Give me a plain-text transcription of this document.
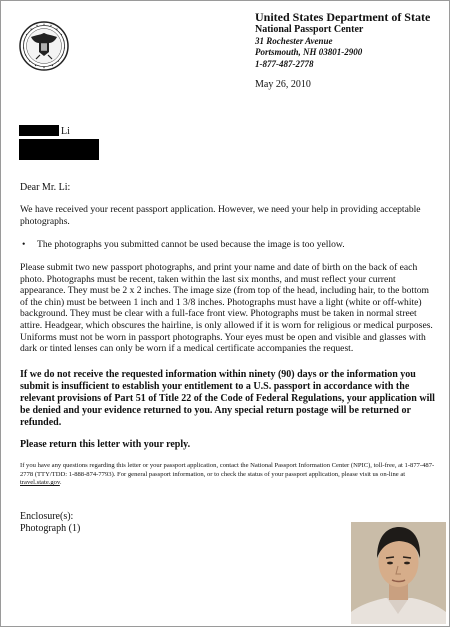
United States Department of State
National Passport Center
31 Rochester Avenue
Portsmouth, NH 03801-2900
1-877-487-2778
May 26, 2010
Li
Dear Mr. Li:
We have received your recent passport application. However, we need your help in providing acceptable photographs.
• The photographs you submitted cannot be used because the image is too yellow.
Please submit two new passport photographs, and print your name and date of birth on the back of each photo. Photographs must be recent, taken within the last six months, and must reflect your current appearance. They must be 2 x 2 inches. The image size (from top of the head, including hair, to the bottom of the chin) must be between 1 inch and 1 3/8 inches. Photographs must have a light (white or off-white) background. They must be clear with a full-face front view. Photographs must be taken in normal street attire. Headgear, which obscures the hairline, is only allowed if it is worn for religious or medical purposes. Uniforms must not be worn in passport photographs. Your eyes must be open and visible and glasses with dark or tinted lenses can only be worn if a medical certificate accompanies the request.
If we do not receive the requested information within ninety (90) days or the information you submit is insufficient to establish your entitlement to a U.S. passport in accordance with the relevant provisions of Part 51 of Title 22 of the Code of Federal Regulations, your application will be denied and your evidence returned to you. Any special return postage will be returned or refunded.
Please return this letter with your reply.
If you have any questions regarding this letter or your passport application, contact the National Passport Information Center (NPIC), toll-free, at 1-877-487-2778 (TTY/TDD: 1-888-874-7793). For general passport information, or to check the status of your passport application, please visit us on-line at travel.state.gov.
Enclosure(s):
Photograph (1)
